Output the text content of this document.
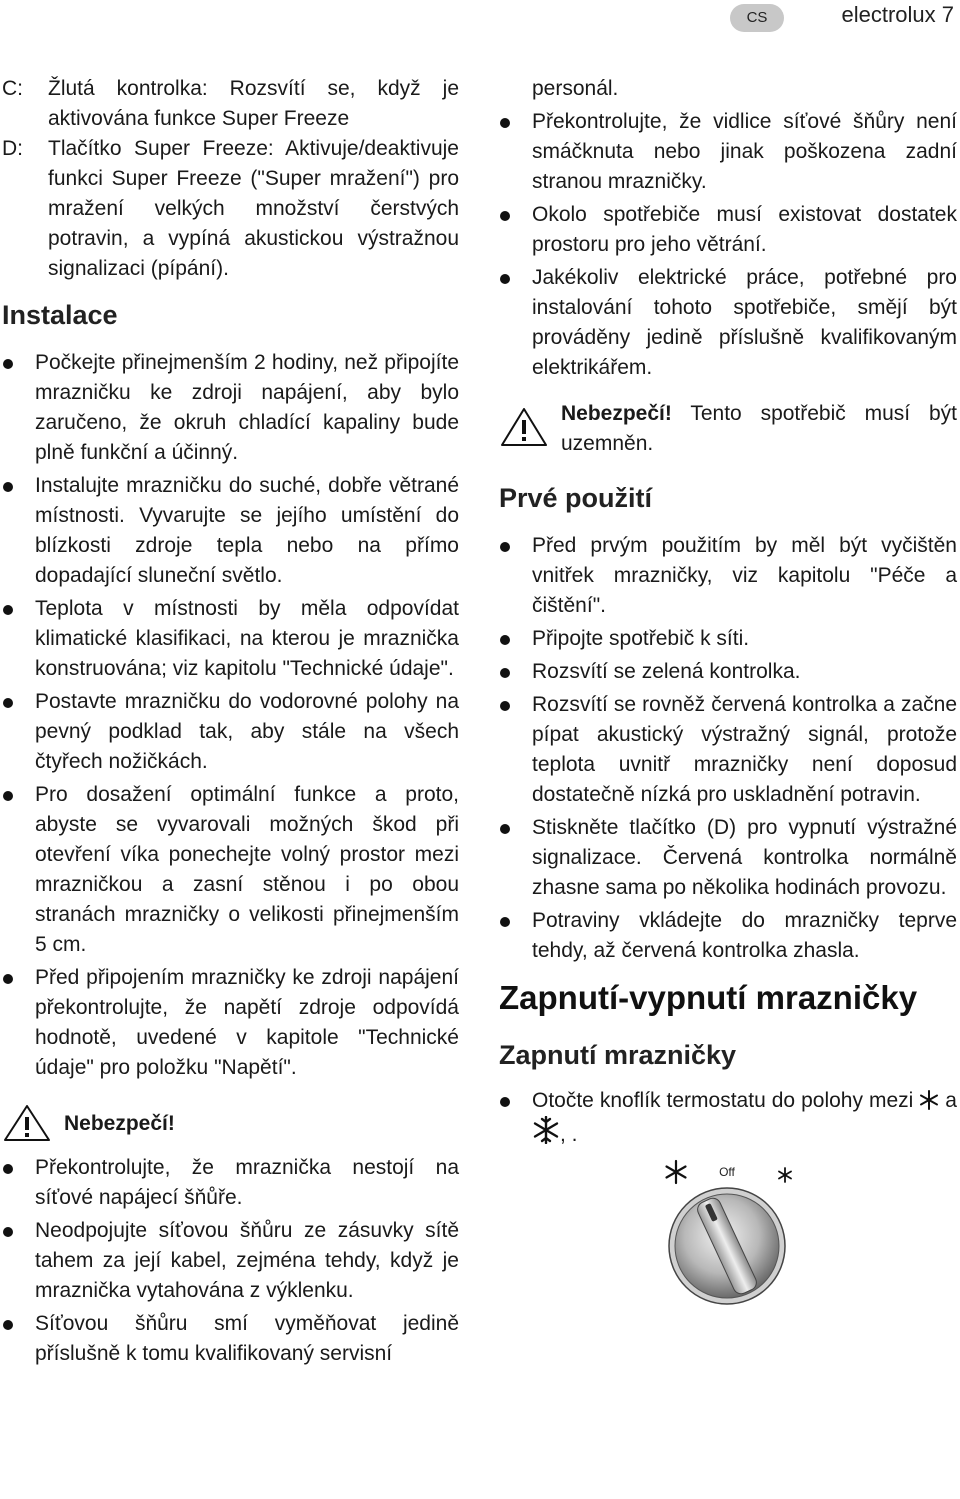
CS	electrolux 7
C:	Žlutá kontrolka: Rozsvítí se, když je aktivována funkce Super Freeze
D:	Tlačítko Super Freeze: Aktivuje/deaktivuje funkci Super Freeze ("Super mražení") pro mražení velkých množství čerstvých potravin, a vypíná akustickou výstražnou signalizaci (pípání).
Instalace
Počkejte přinejmenším 2 hodiny, než připojíte mrazničku ke zdroji napájení, aby bylo zaručeno, že okruh chladící kapaliny bude plně funkční a účinný.
Instalujte mrazničku do suché, dobře větrané místnosti. Vyvarujte se jejího umístění do blízkosti zdroje tepla nebo na přímo dopadající sluneční světlo.
Teplota v místnosti by měla odpovídat klimatické klasifikaci, na kterou je mraznička konstruována; viz kapitolu "Technické údaje".
Postavte mrazničku do vodorovné polohy na pevný podklad tak, aby stále na všech čtyřech nožičkách.
Pro dosažení optimální funkce a proto, abyste se vyvarovali možných škod při otevření víka ponechejte volný prostor mezi mrazničkou a zasní stěnou i po obou stranách mrazničky o velikosti přinejmenším 5 cm.
Před připojením mrazničky ke zdroji napájení překontrolujte, že napětí zdroje odpovídá hodnotě, uvedené v kapitole "Technické údaje" pro položku "Napětí".
Nebezpečí!
Překontrolujte, že mraznička nestojí na síťové napájecí šňůře.
Neodpojujte síťovou šňůru ze zásuvky sítě tahem za její kabel, zejména tehdy, když je mraznička vytahována z výklenku.
Síťovou šňůru smí vyměňovat jedině příslušně k tomu kvalifikovaný servisní

personál.

Překontrolujte, že vidlice síťové šňůry není smáčknuta nebo jinak poškozena zadní stranou mrazničky.
Okolo spotřebiče musí existovat dostatek prostoru pro jeho větrání.
Jakékoliv elektrické práce, potřebné pro instalování tohoto spotřebiče, smějí být prováděny jedině příslušně kvalifikovaným elektrikářem.

Nebezpečí! Tento spotřebič musí být uzemněn.

Prvé použití
Před prvým použitím by měl být vyčištěn vnitřek mrazničky, viz kapitolu "Péče a čištění".
Připojte spotřebič k síti.
Rozsvítí se zelená kontrolka.
Rozsvítí se rovněž červená kontrolka a začne pípat akustický výstražný signál, protože teplota uvnitř mrazničky není doposud dostatečně nízká pro uskladnění potravin.
Stiskněte tlačítko (D) pro vypnutí výstražné signalizace. Červená kontrolka normálně zhasne sama po několika hodinách provozu.
Potraviny vkládejte do mrazničky teprve tehdy, až červená kontrolka zhasla.
Zapnutí-vypnutí mrazničky
Zapnutí mrazničky
Otočte knoflík termostatu do polohy mezi  a , .
Off
